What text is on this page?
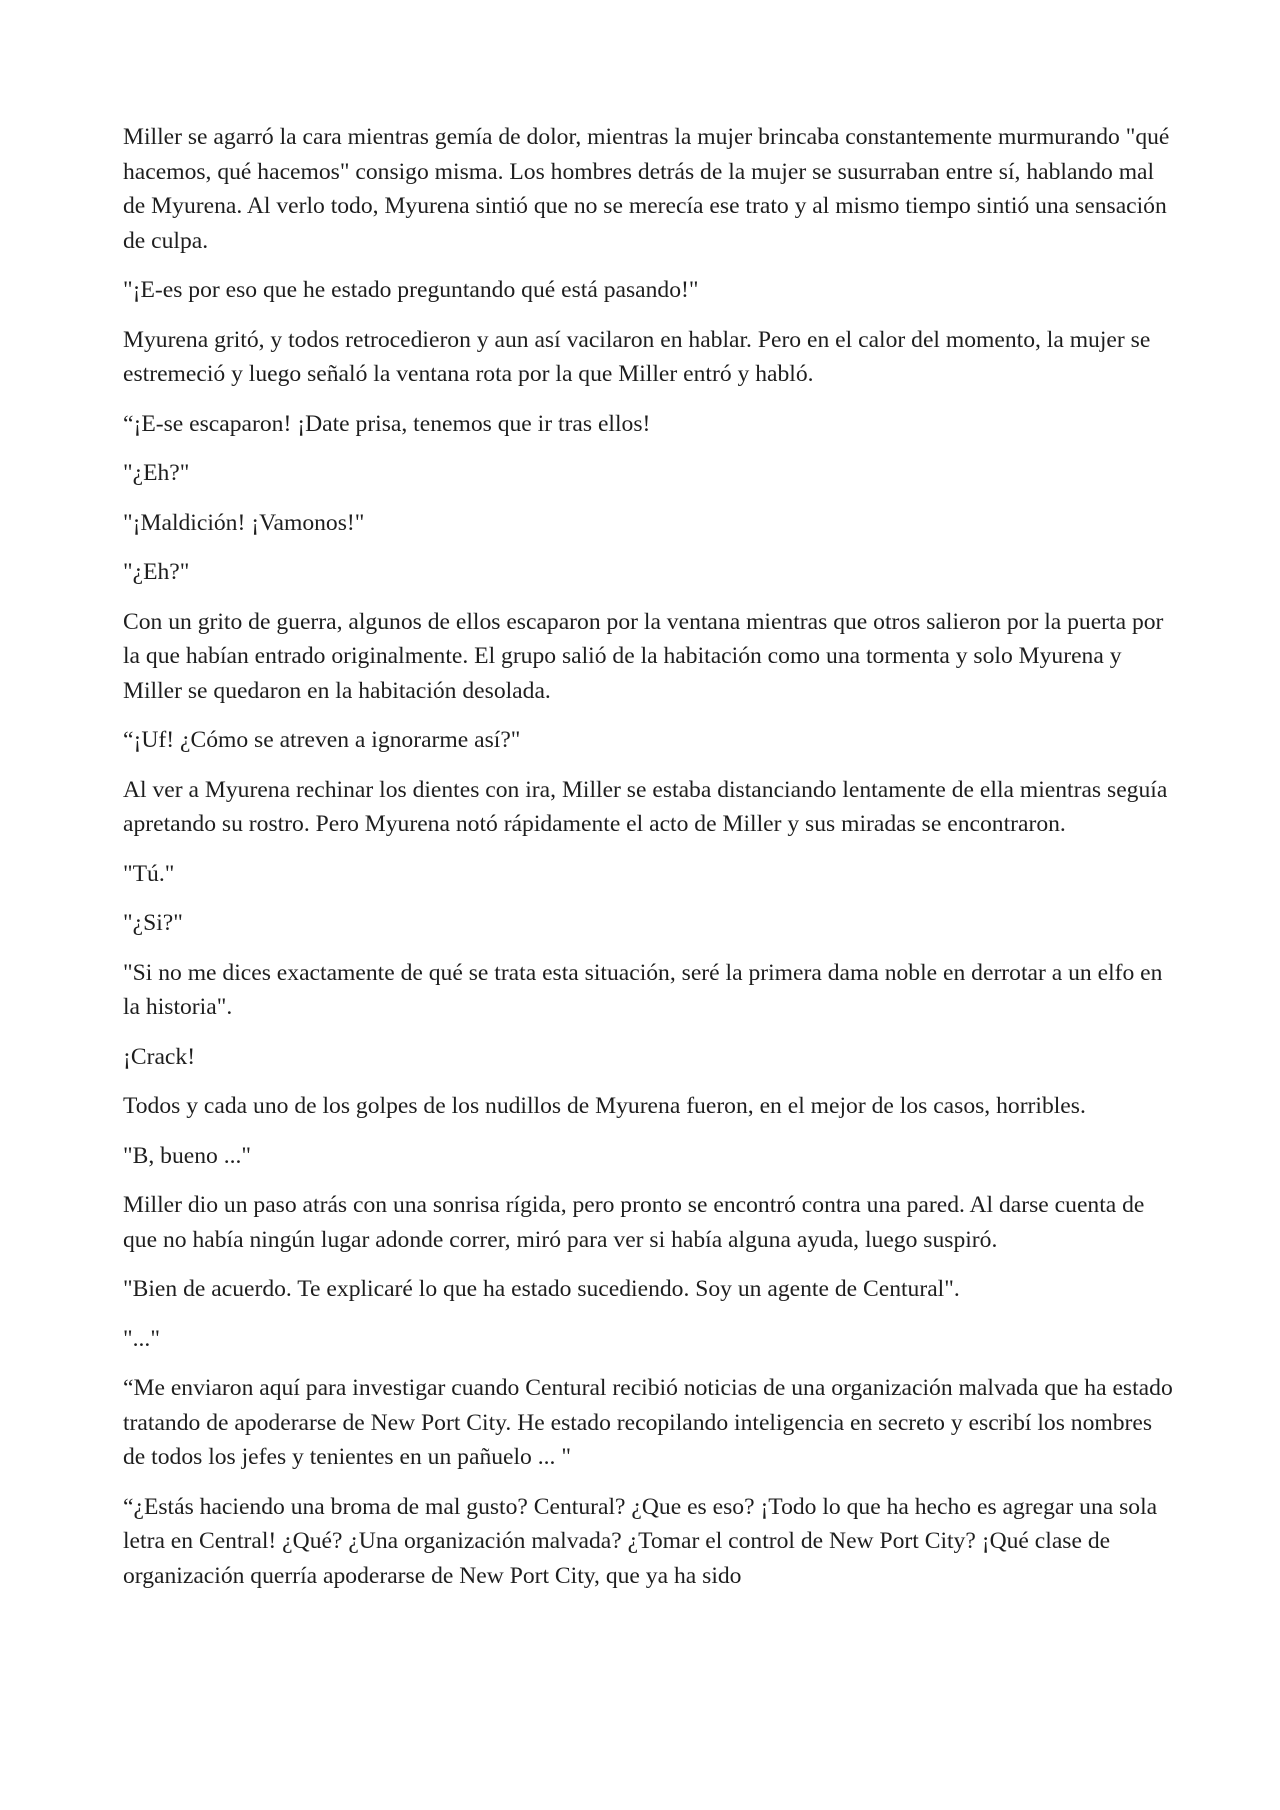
Miller se agarró la cara mientras gemía de dolor, mientras la mujer brincaba constantemente murmurando "qué hacemos, qué hacemos" consigo misma. Los hombres detrás de la mujer se susurraban entre sí, hablando mal de Myurena. Al verlo todo, Myurena sintió que no se merecía ese trato y al mismo tiempo sintió una sensación de culpa.

"¡E-es por eso que he estado preguntando qué está pasando!"

Myurena gritó, y todos retrocedieron y aun así vacilaron en hablar. Pero en el calor del momento, la mujer se estremeció y luego señaló la ventana rota por la que Miller entró y habló.

“¡E-se escaparon! ¡Date prisa, tenemos que ir tras ellos!

"¿Eh?"

"¡Maldición! ¡Vamonos!"

"¿Eh?"

Con un grito de guerra, algunos de ellos escaparon por la ventana mientras que otros salieron por la puerta por la que habían entrado originalmente. El grupo salió de la habitación como una tormenta y solo Myurena y Miller se quedaron en la habitación desolada.

“¡Uf! ¿Cómo se atreven a ignorarme así?"

Al ver a Myurena rechinar los dientes con ira, Miller se estaba distanciando lentamente de ella mientras seguía apretando su rostro. Pero Myurena notó rápidamente el acto de Miller y sus miradas se encontraron.

"Tú."

"¿Si?"

"Si no me dices exactamente de qué se trata esta situación, seré la primera dama noble en derrotar a un elfo en la historia".

¡Crack!

Todos y cada uno de los golpes de los nudillos de Myurena fueron, en el mejor de los casos, horribles.

"B, bueno ..."

Miller dio un paso atrás con una sonrisa rígida, pero pronto se encontró contra una pared. Al darse cuenta de que no había ningún lugar adonde correr, miró para ver si había alguna ayuda, luego suspiró.

"Bien de acuerdo. Te explicaré lo que ha estado sucediendo. Soy un agente de Centural".

"..."

“Me enviaron aquí para investigar cuando Centural recibió noticias de una organización malvada que ha estado tratando de apoderarse de New Port City. He estado recopilando inteligencia en secreto y escribí los nombres de todos los jefes y tenientes en un pañuelo ... "

“¿Estás haciendo una broma de mal gusto? Centural? ¿Que es eso? ¡Todo lo que ha hecho es agregar una sola letra en Central! ¿Qué? ¿Una organización malvada? ¿Tomar el control de New Port City? ¡Qué clase de organización querría apoderarse de New Port City, que ya ha sido
